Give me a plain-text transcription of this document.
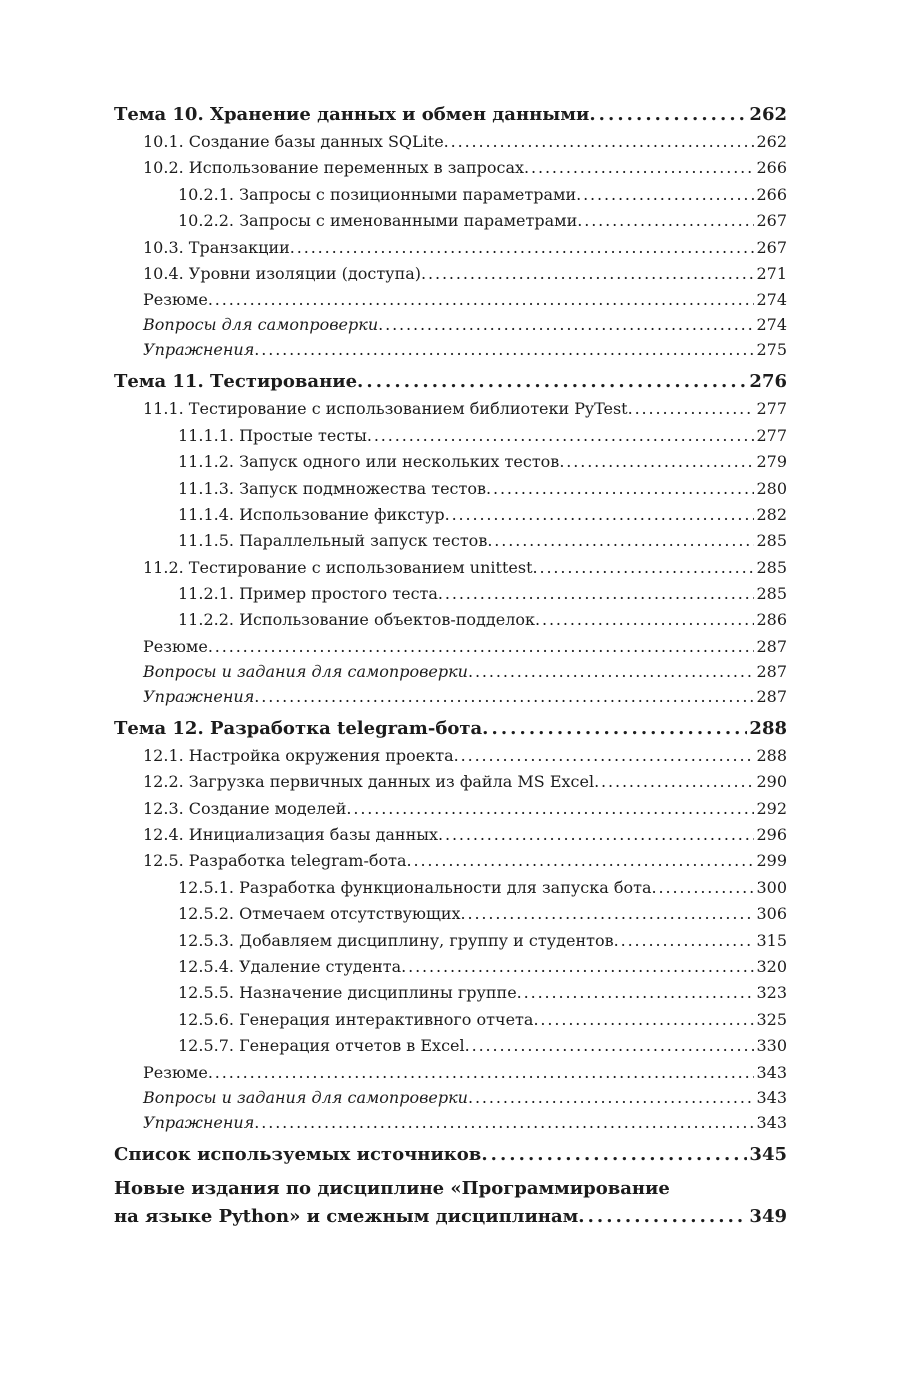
Тема 10. Хранение данных и обмен данными . . .	262
10.1. Создание базы данных SQLite . . .	262
10.2. Использование переменных в запросах . . .	266
10.2.1. Запросы с позиционными параметрами . . .	266
10.2.2. Запросы с именованными параметрами . . .	267
10.3. Транзакции . . .	267
10.4. Уровни изоляции (доступа) . . .	271
Резюме . . .	274
Вопросы для самопроверки . . .	274
Упражнения . . .	275
Тема 11. Тестирование . . .	276
11.1. Тестирование с использованием библиотеки PyTest . . .	277
11.1.1. Простые тесты . . .	277
11.1.2. Запуск одного или нескольких тестов . . .	279
11.1.3. Запуск подмножества тестов . . .	280
11.1.4. Использование фикстур . . .	282
11.1.5. Параллельный запуск тестов . . .	285
11.2. Тестирование с использованием unittest . . .	285
11.2.1. Пример простого теста . . .	285
11.2.2. Использование объектов-подделок . . .	286
Резюме . . .	287
Вопросы и задания для самопроверки . . .	287
Упражнения . . .	287
Тема 12. Разработка telegram-бота . . .	288
12.1. Настройка окружения проекта . . .	288
12.2. Загрузка первичных данных из файла MS Excel . . .	290
12.3. Создание моделей . . .	292
12.4. Инициализация базы данных . . .	296
12.5. Разработка telegram-бота . . .	299
12.5.1. Разработка функциональности для запуска бота . . .	300
12.5.2. Отмечаем отсутствующих . . .	306
12.5.3. Добавляем дисциплину, группу и студентов . . .	315
12.5.4. Удаление студента . . .	320
12.5.5. Назначение дисциплины группе . . .	323
12.5.6. Генерация интерактивного отчета . . .	325
12.5.7. Генерация отчетов в Excel . . .	330
Резюме . . .	343
Вопросы и задания для самопроверки . . .	343
Упражнения . . .	343
Список используемых источников . . .	345
Новые издания по дисциплине «Программирование
на языке Python» и смежным дисциплинам . . .	349
